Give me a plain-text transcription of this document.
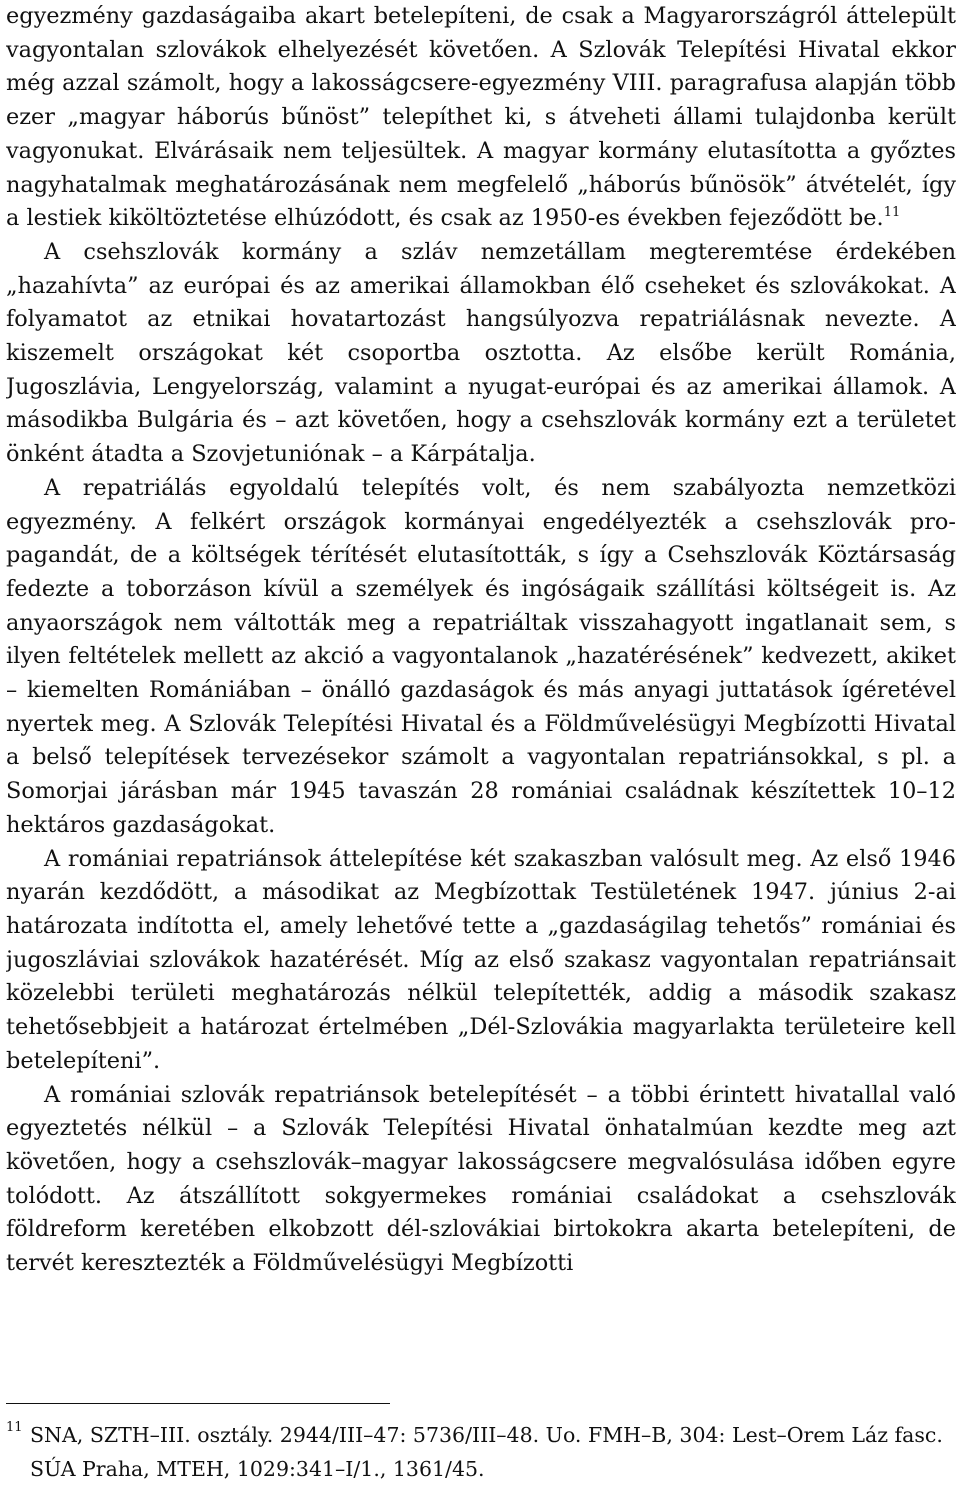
egyezmény gazdaságaiba akart betelepíteni, de csak a Magyarországról áttelepült vagyontalan szlovákok elhelyezését követően. A Szlovák Telepítési Hivatal ekkor még azzal számolt, hogy a lakosságcsere-egyezmény VIII. paragrafusa alapján több ezer „magyar háborús bűnöst” telepíthet ki, s átveheti állami tulajdonba került vagyonukat. Elvárásaik nem teljesültek. A magyar kormány elutasította a győztes nagyhatalmak meghatározásának nem megfelelő „háborús bűnösök” átvételét, így a lestiek kiköltöztetése elhúzódott, és csak az 1950-es években fejeződött be.$^{11}$

A csehszlovák kormány a szláv nemzetállam megteremtése érdekében „hazahívta” az európai és az amerikai államokban élő cseheket és szlovákokat. A folyamatot az etnikai hovatartozást hangsúlyozva repatriálásnak nevezte. A kiszemelt országokat két csoportba osztotta. Az elsőbe került Románia, Jugoszlávia, Lengyelország, valamint a nyugat-európai és az amerikai államok. A másodikba Bulgária és – azt követően, hogy a csehszlovák kormány ezt a területet önként átadta a Szovjetuniónak – a Kárpátalja.

A repatriálás egyoldalú telepítés volt, és nem szabályozta nemzetközi egyezmény. A felkért országok kormányai engedélyezték a csehszlovák propagandát, de a költségek térítését elutasították, s így a Csehszlovák Köztársaság fedezte a toborzáson kívül a személyek és ingóságaik szállítási költségeit is. Az anyaországok nem váltották meg a repatriáltak visszahagyott ingatlanait sem, s ilyen feltételek mellett az akció a vagyontalanok „hazatérésének” kedvezett, akiket – kiemelten Romániában – önálló gazdaságok és más anyagi juttatások ígéretével nyertek meg. A Szlovák Telepítési Hivatal és a Földművelésügyi Megbízotti Hivatal a belső telepítések tervezésekor számolt a vagyontalan repatriánsokkal, s pl. a Somorjai járásban már 1945 tavaszán 28 romániai családnak készítettek 10–12 hektáros gazdaságokat.

A romániai repatriánsok áttelepítése két szakaszban valósult meg. Az első 1946 nyarán kezdődött, a másodikat az Megbízottak Testületének 1947. június 2-ai határozata indította el, amely lehetővé tette a „gazdaságilag tehetős” romániai és jugoszláviai szlovákok hazatérését. Míg az első szakasz vagyontalan repatriánsait közelebbi területi meghatározás nélkül telepítették, addig a második szakasz tehetősebbjeit a határozat értelmében „Dél-Szlovákia magyarlakta területeire kell betelepíteni”.

A romániai szlovák repatriánsok betelepítését – a többi érintett hivatallal való egyeztetés nélkül – a Szlovák Telepítési Hivatal önhatalmúan kezdte meg azt követően, hogy a csehszlovák–magyar lakosságcsere megvalósulása időben egyre tolódott. Az átszállított sokgyermekes romániai családokat a csehszlovák földreform keretében elkobzott dél-szlovákiai birtokokra akarta betelepíteni, de tervét keresztezték a Földművelésügyi Megbízotti

11 SNA, SZTH–III. osztály. 2944/III–47: 5736/III–48. Uo. FMH–B, 304: Lest–Orem Láz fasc. SÚA Praha, MTEH, 1029:341–I/1., 1361/45.
